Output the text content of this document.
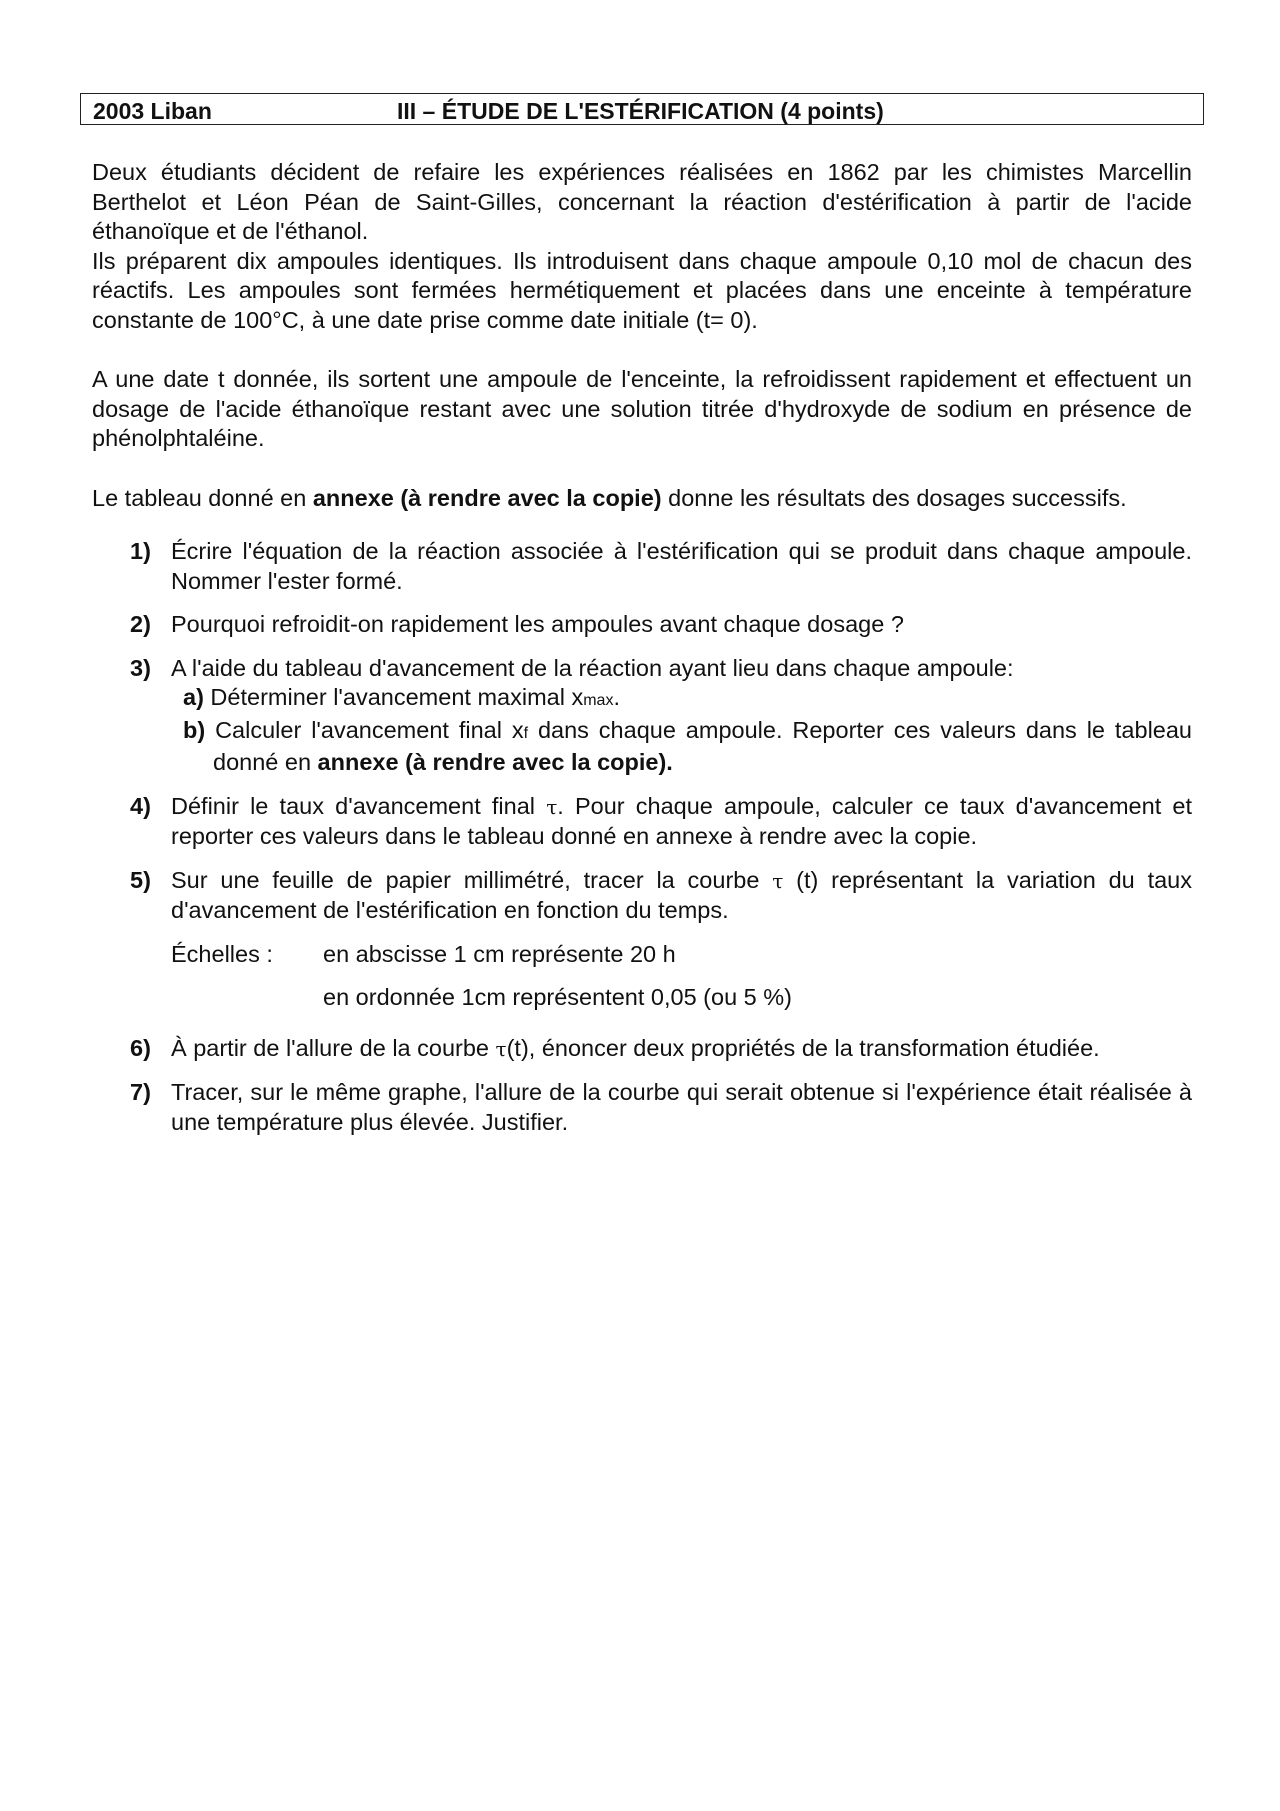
2003 Liban	III – ÉTUDE DE L'ESTÉRIFICATION (4 points)

Deux étudiants décident de refaire les expériences réalisées en 1862 par les chimistes Marcellin Berthelot et Léon Péan de Saint-Gilles, concernant la réaction d'estérification à partir de l'acide éthanoïque et de l'éthanol.

Ils préparent dix ampoules identiques. Ils introduisent dans chaque ampoule 0,10 mol de chacun des réactifs. Les ampoules sont fermées hermétiquement et placées dans une enceinte à température constante de 100°C, à une date prise comme date initiale (t= 0).

A une date t donnée, ils sortent une ampoule de l'enceinte, la refroidissent rapidement et effectuent un dosage de l'acide éthanoïque restant avec une solution titrée d'hydroxyde de sodium en présence de phénolphtaléine.

Le tableau donné en annexe (à rendre avec la copie) donne les résultats des dosages successifs.

1) Écrire l'équation de la réaction associée à l'estérification qui se produit dans chaque ampoule. Nommer l'ester formé.
2) Pourquoi refroidit-on rapidement les ampoules avant chaque dosage ?
3) A l'aide du tableau d'avancement de la réaction ayant lieu dans chaque ampoule:
a) Déterminer l'avancement maximal xmax.
b) Calculer l'avancement final xf dans chaque ampoule. Reporter ces valeurs dans le tableau donné en annexe (à rendre avec la copie).
4) Définir le taux d'avancement final τ. Pour chaque ampoule, calculer ce taux d'avancement et reporter ces valeurs dans le tableau donné en annexe à rendre avec la copie.
5) Sur une feuille de papier millimétré, tracer la courbe τ (t) représentant la variation du taux d'avancement de l'estérification en fonction du temps.
Échelles :	en abscisse 1 cm représente 20 h
en ordonnée 1cm représentent 0,05 (ou 5 %)
6) À partir de l'allure de la courbe τ(t), énoncer deux propriétés de la transformation étudiée.
7) Tracer, sur le même graphe, l'allure de la courbe qui serait obtenue si l'expérience était réalisée à une température plus élevée. Justifier.
